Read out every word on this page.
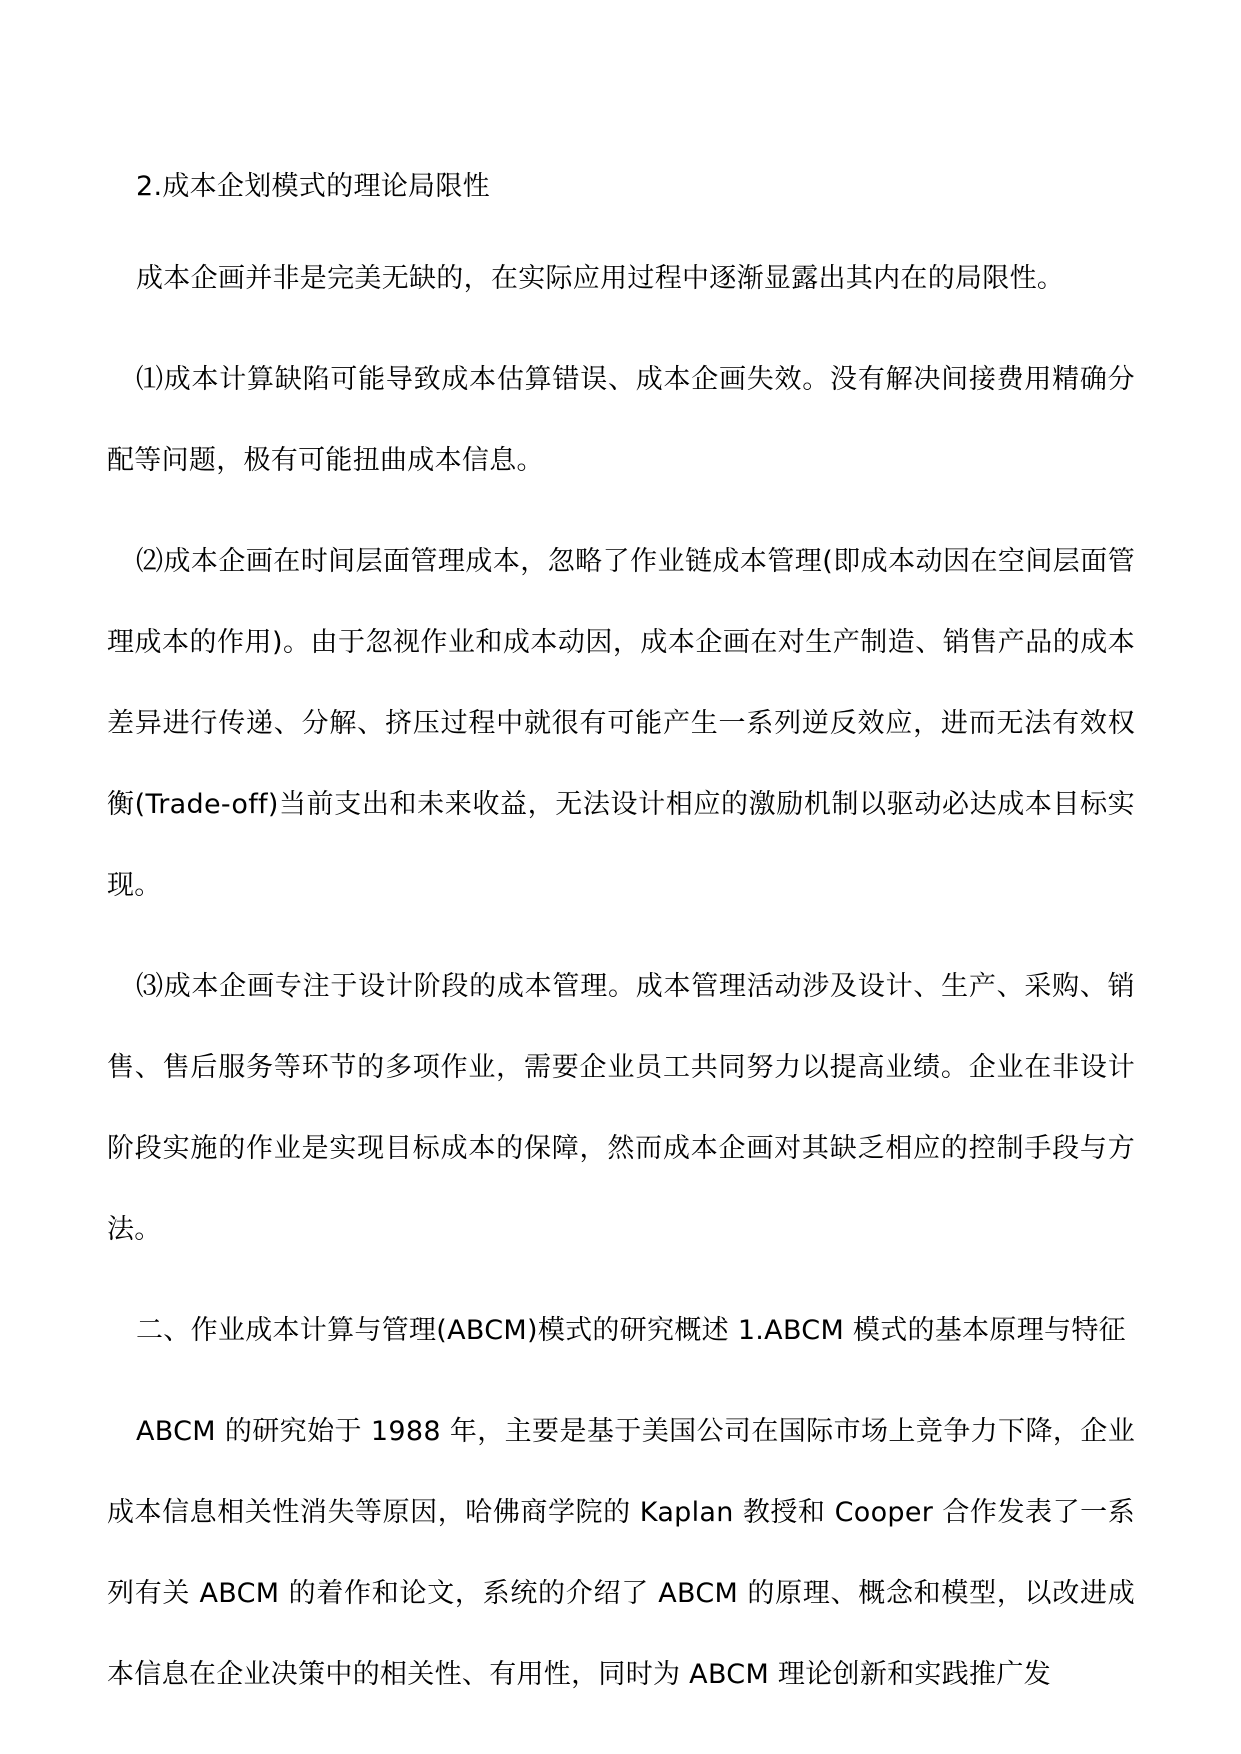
2.成本企划模式的理论局限性

成本企画并非是完美无缺的，在实际应用过程中逐渐显露出其内在的局限性。

⑴成本计算缺陷可能导致成本估算错误、成本企画失效。没有解决间接费用精确分配等问题，极有可能扭曲成本信息。

⑵成本企画在时间层面管理成本，忽略了作业链成本管理(即成本动因在空间层面管理成本的作用)。由于忽视作业和成本动因，成本企画在对生产制造、销售产品的成本差异进行传递、分解、挤压过程中就很有可能产生一系列逆反效应，进而无法有效权衡(Trade-off)当前支出和未来收益，无法设计相应的激励机制以驱动必达成本目标实现。

⑶成本企画专注于设计阶段的成本管理。成本管理活动涉及设计、生产、采购、销售、售后服务等环节的多项作业，需要企业员工共同努力以提高业绩。企业在非设计阶段实施的作业是实现目标成本的保障，然而成本企画对其缺乏相应的控制手段与方法。

二、作业成本计算与管理(ABCM)模式的研究概述 1.ABCM 模式的基本原理与特征

ABCM 的研究始于 1988 年，主要是基于美国公司在国际市场上竞争力下降，企业成本信息相关性消失等原因，哈佛商学院的 Kaplan 教授和 Cooper 合作发表了一系列有关 ABCM 的着作和论文，系统的介绍了 ABCM 的原理、概念和模型，以改进成本信息在企业决策中的相关性、有用性，同时为 ABCM 理论创新和实践推广发
